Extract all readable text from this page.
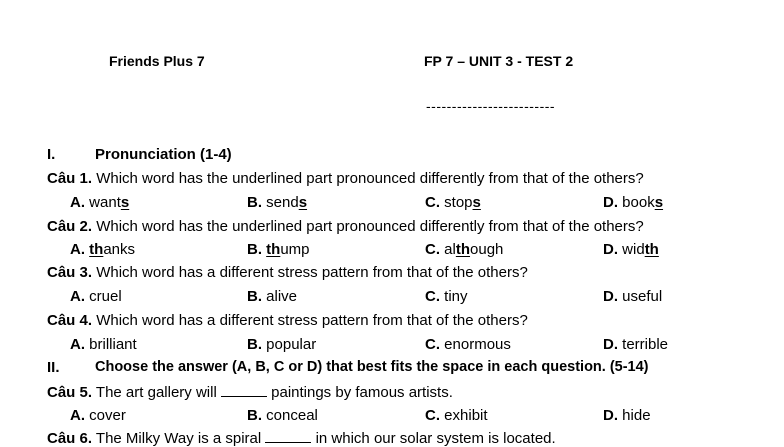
Friends Plus 7	FP 7 – UNIT 3 - TEST 2
-------------------------
I.	Pronunciation (1-4)
Câu 1. Which word has the underlined part pronounced differently from that of the others?
A. wants	B. sends	C. stops	D. books
Câu 2. Which word has the underlined part pronounced differently from that of the others?
A. thanks	B. thump	C. although	D. width
Câu 3. Which word has a different stress pattern from that of the others?
A. cruel	B. alive	C. tiny	D. useful
Câu 4. Which word has a different stress pattern from that of the others?
A. brilliant	B. popular	C. enormous	D. terrible
II. Choose the answer (A, B, C or D) that best fits the space in each question. (5-14)
Câu 5. The art gallery will	paintings by famous artists.
A. cover	B. conceal	C. exhibit	D. hide
Câu 6. The Milky Way is a spiral	in which our solar system is located.
